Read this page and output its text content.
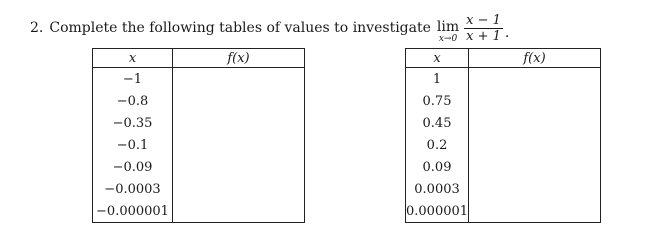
2. Complete the following tables of values to investigate lim
$x\to 0 \frac{x - 1}{x + 1}$ .
x	f(x)
−1	
−0.8	
−0.35	
−0.1	
−0.09	
−0.0003	
−0.000001	
x	f(x)
1	
0.75	
0.45	
0.2	
0.09	
0.0003	
0.000001	
